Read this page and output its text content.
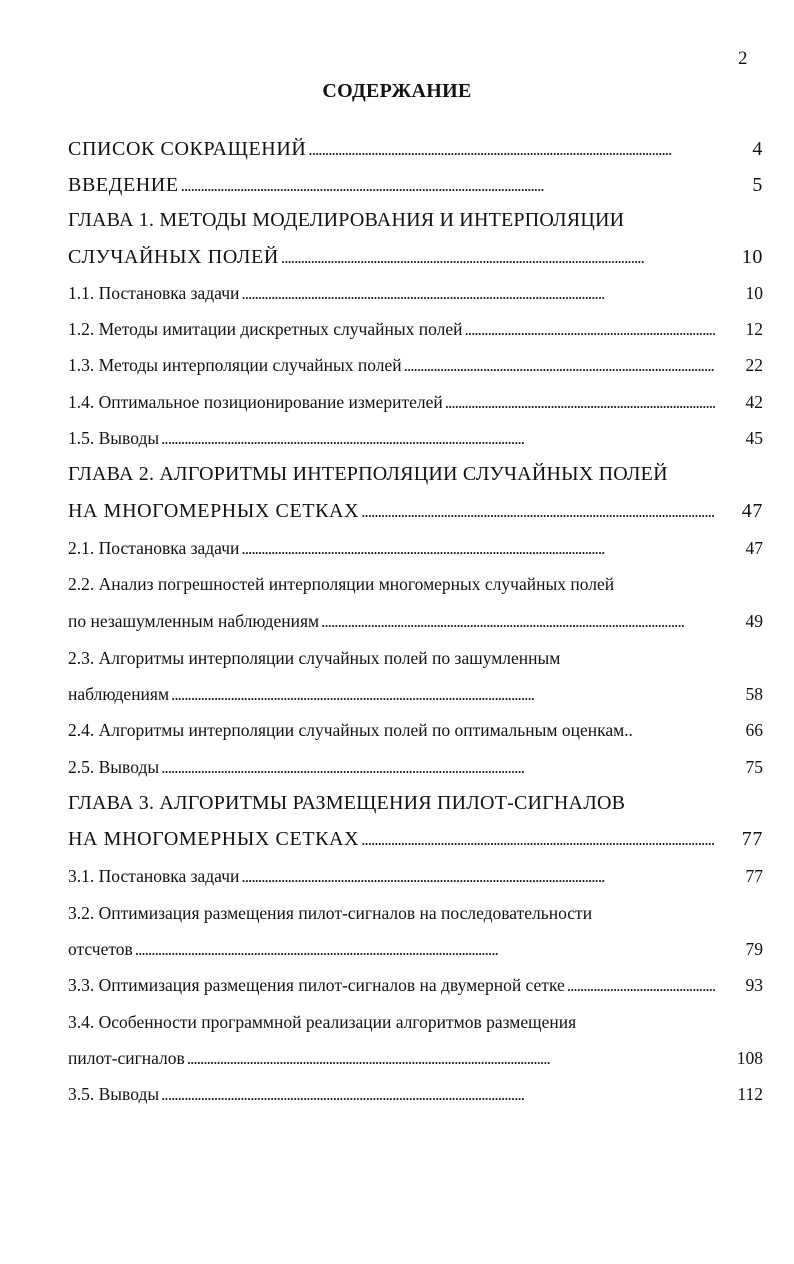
2
СОДЕРЖАНИЕ
СПИСОК СОКРАЩЕНИЙ . . .	4
ВВЕДЕНИЕ . . .	5
ГЛАВА 1. МЕТОДЫ МОДЕЛИРОВАНИЯ И ИНТЕРПОЛЯЦИИ
СЛУЧАЙНЫХ ПОЛЕЙ . . .	10
1.1. Постановка задачи . . .	10
1.2. Методы имитации дискретных случайных полей . . .	12
1.3. Методы интерполяции случайных полей . . .	22
1.4. Оптимальное позиционирование измерителей . . .	42
1.5. Выводы . . .	45
ГЛАВА 2. АЛГОРИТМЫ ИНТЕРПОЛЯЦИИ СЛУЧАЙНЫХ ПОЛЕЙ
НА МНОГОМЕРНЫХ СЕТКАХ . . .	47
2.1. Постановка задачи . . .	47
2.2. Анализ погрешностей интерполяции многомерных случайных полей
по незашумленным наблюдениям . . .	49
2.3. Алгоритмы интерполяции случайных полей по зашумленным
наблюдениям . . .	58
2.4. Алгоритмы интерполяции случайных полей по оптимальным оценкам..	66
2.5. Выводы . . .	75
ГЛАВА 3. АЛГОРИТМЫ РАЗМЕЩЕНИЯ ПИЛОТ-СИГНАЛОВ
НА МНОГОМЕРНЫХ СЕТКАХ . . .	77
3.1. Постановка задачи . . .	77
3.2. Оптимизация размещения пилот-сигналов на последовательности
отсчетов . . .	79
3.3. Оптимизация размещения пилот-сигналов на двумерной сетке . . .	93
3.4. Особенности программной реализации алгоритмов размещения
пилот-сигналов . . .	108
3.5. Выводы . . .	112
